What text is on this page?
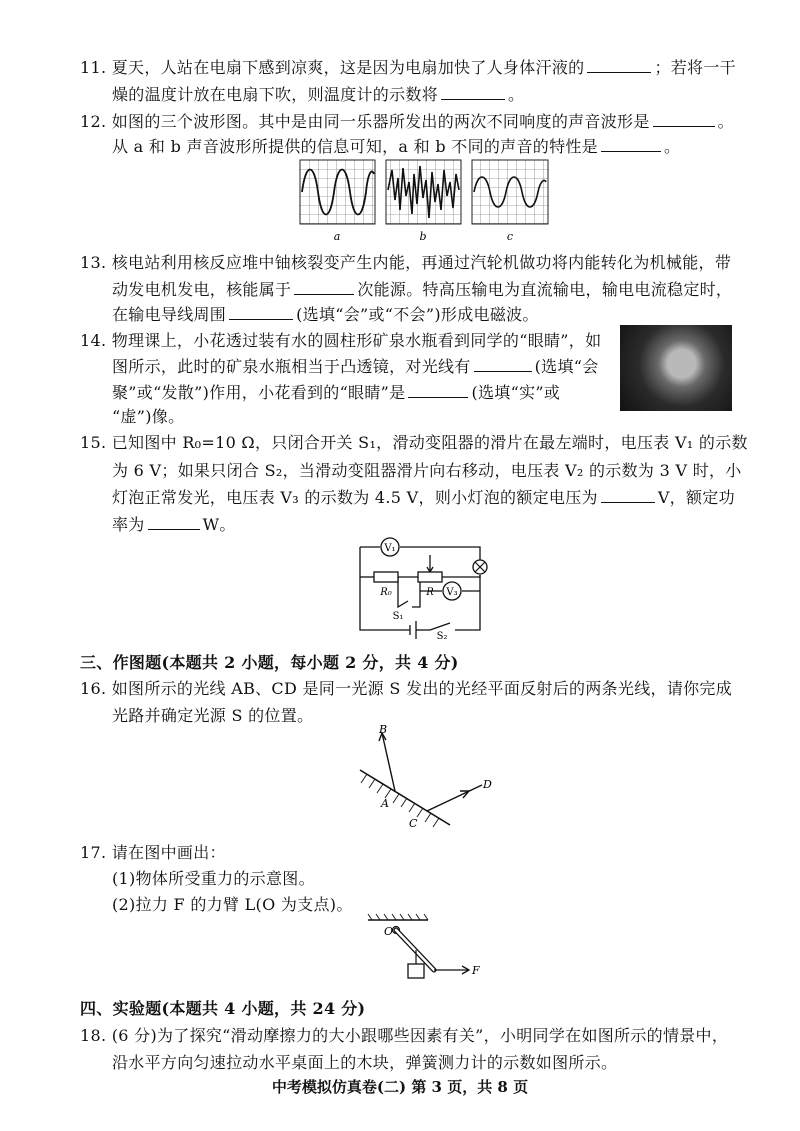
11. 夏天，人站在电扇下感到凉爽，这是因为电扇加快了人身体汗液的	；若将一干
燥的温度计放在电扇下吹，则温度计的示数将	。
12. 如图的三个波形图。其中是由同一乐器所发出的两次不同响度的声音波形是	。
从 a 和 b 声音波形所提供的信息可知，a 和 b 不同的声音的特性是	。
a	b	c
13. 核电站利用核反应堆中铀核裂变产生内能，再通过汽轮机做功将内能转化为机械能，带
动发电机发电，核能属于	次能源。特高压输电为直流输电，输电电流稳定时，
在输电导线周围	(选填“会”或“不会”)形成电磁波。
14. 物理课上，小花透过装有水的圆柱形矿泉水瓶看到同学的“眼睛”，如
图所示，此时的矿泉水瓶相当于凸透镜，对光线有	(选填“会
聚”或“发散”)作用，小花看到的“眼睛”是	(选填“实”或
“虚”)像。
15. 已知图中 R₀=10 Ω，只闭合开关 S₁，滑动变阻器的滑片在最左端时，电压表 V₁ 的示数
为 6 V；如果只闭合 S₂，当滑动变阻器滑片向右移动，电压表 V₂ 的示数为 3 V 时，小
灯泡正常发光，电压表 V₃ 的示数为 4.5 V，则小灯泡的额定电压为	V，额定功
率为	W。
V₁
R₀	R V₃
S₁
S₂
三、作图题(本题共 2 小题，每小题 2 分，共 4 分)
16. 如图所示的光线 AB、CD 是同一光源 S 发出的光经平面反射后的两条光线，请你完成
光路并确定光源 S 的位置。
B
A
C
D
17. 请在图中画出：
(1)物体所受重力的示意图。
(2)拉力 F 的力臂 L(O 为支点)。
O
F
四、实验题(本题共 4 小题，共 24 分)
18. (6 分)为了探究“滑动摩擦力的大小跟哪些因素有关”，小明同学在如图所示的情景中，
沿水平方向匀速拉动水平桌面上的木块，弹簧测力计的示数如图所示。
中考模拟仿真卷(二) 第 3 页，共 8 页
